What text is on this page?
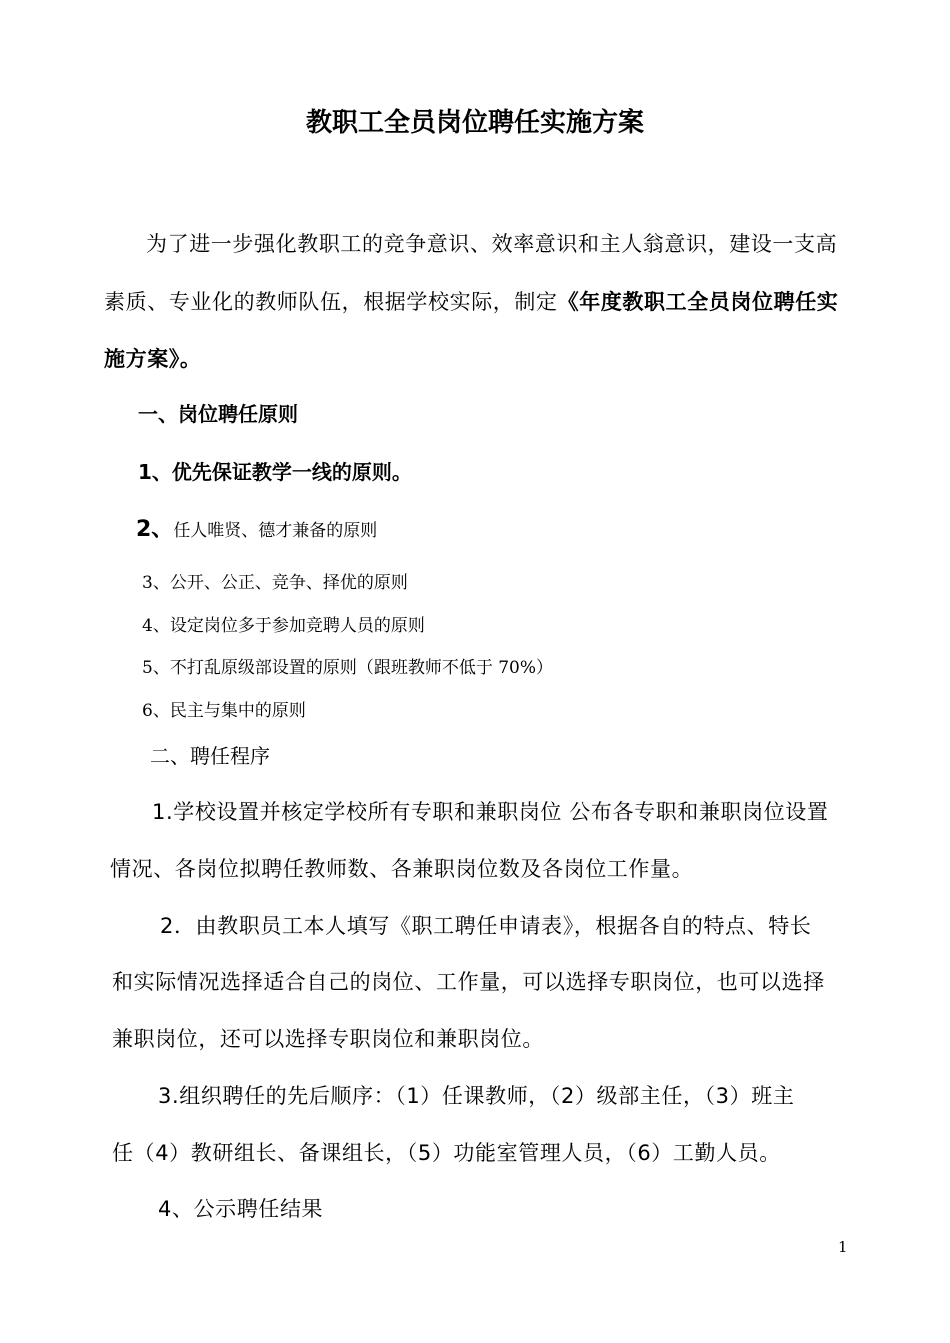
教职工全员岗位聘任实施方案

为了进一步强化教职工的竞争意识、效率意识和主人翁意识，建设一支高

素质、专业化的教师队伍，根据学校实际，制定《年度教职工全员岗位聘任实

施方案》。

一、岗位聘任原则

1、优先保证教学一线的原则。

2、任人唯贤、德才兼备的原则

3、公开、公正、竞争、择优的原则

4、设定岗位多于参加竞聘人员的原则

5、不打乱原级部设置的原则（跟班教师不低于 70%）

6、民主与集中的原则

二、聘任程序

1.学校设置并核定学校所有专职和兼职岗位 公布各专职和兼职岗位设置

情况、各岗位拟聘任教师数、各兼职岗位数及各岗位工作量。

2．由教职员工本人填写《职工聘任申请表》，根据各自的特点、特长

和实际情况选择适合自己的岗位、工作量，可以选择专职岗位，也可以选择

兼职岗位，还可以选择专职岗位和兼职岗位。

3.组织聘任的先后顺序：（1）任课教师，（2）级部主任，（3）班主

任（4）教研组长、备课组长，（5）功能室管理人员，（6）工勤人员。

4、公示聘任结果

1
